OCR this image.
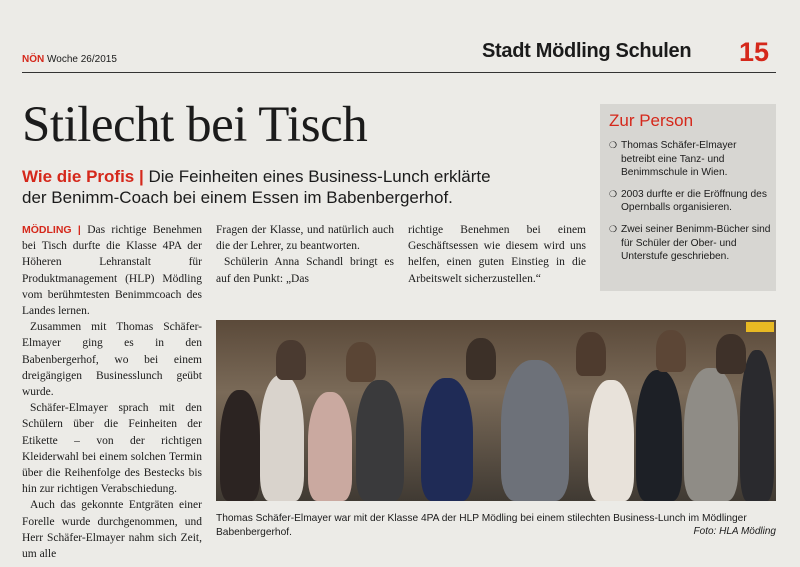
NÖN Woche 26/2015	Stadt Mödling Schulen 15
Stilecht bei Tisch
Wie die Profis | Die Feinheiten eines Business-Lunch erklärte
der Benimm-Coach bei einem Essen im Babenbergerhof.

MÖDLING | Das richtige Benehmen bei Tisch durfte die Klasse 4PA der Höheren Lehranstalt für Produktmanagement (HLP) Mödling vom berühmtesten Benimmcoach des Landes lernen.

Zusammen mit Thomas Schäfer-Elmayer ging es in den Babenbergerhof, wo bei einem dreigängigen Businesslunch geübt wurde.

Schäfer-Elmayer sprach mit den Schülern über die Feinheiten der Etikette – von der richtigen Kleiderwahl bei einem solchen Termin über die Reihenfolge des Bestecks bis hin zur richtigen Verabschiedung.

Auch das gekonnte Entgräten einer Forelle wurde durchgenommen, und Herr Schäfer-Elmayer nahm sich Zeit, um alle

Fragen der Klasse, und natürlich auch die der Lehrer, zu beantworten.

Schülerin Anna Schandl bringt es auf den Punkt: „Das

richtige Benehmen bei einem Geschäftsessen wie diesem wird uns helfen, einen guten Einstieg in die Arbeitswelt sicherzustellen.“

Zur Person
❍ Thomas Schäfer-Elmayer betreibt eine Tanz- und Benimmschule in Wien.
❍ 2003 durfte er die Eröffnung des Opernballs organisieren.
❍ Zwei seiner Benimm-Bücher sind für Schüler der Ober- und Unterstufe geschrieben.
Thomas Schäfer-Elmayer war mit der Klasse 4PA der HLP Mödling bei einem stilechten Business-Lunch im Mödlinger Babenbergerhof.	Foto: HLA Mödling
